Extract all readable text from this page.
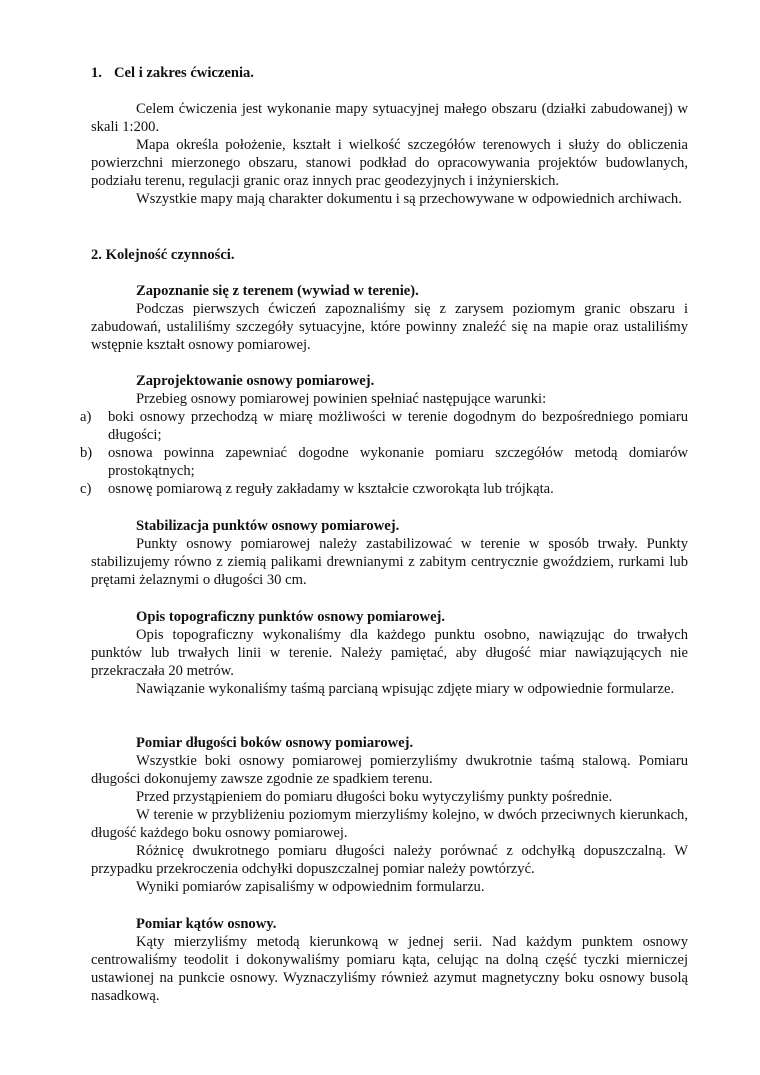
1. Cel i zakres ćwiczenia.

Celem ćwiczenia jest wykonanie mapy sytuacyjnej małego obszaru (działki zabudowanej) w skali 1:200.

Mapa określa położenie, kształt i wielkość szczegółów terenowych i służy do obliczenia powierzchni mierzonego obszaru, stanowi podkład do opracowywania projektów budowlanych, podziału terenu, regulacji granic oraz innych prac geodezyjnych i inżynierskich.

Wszystkie mapy mają charakter dokumentu i są przechowywane w odpowiednich archiwach.

2. Kolejność czynności.

Zapoznanie się z terenem (wywiad w terenie).

Podczas pierwszych ćwiczeń zapoznaliśmy się z zarysem poziomym granic obszaru i zabudowań, ustaliliśmy szczegóły sytuacyjne, które powinny znaleźć się na mapie oraz ustaliliśmy wstępnie kształt osnowy pomiarowej.

Zaprojektowanie osnowy pomiarowej.

Przebieg osnowy pomiarowej powinien spełniać następujące warunki:

a) boki osnowy przechodzą w miarę możliwości w terenie dogodnym do bezpośredniego pomiaru długości;
b) osnowa powinna zapewniać dogodne wykonanie pomiaru szczegółów metodą domiarów prostokątnych;
c) osnowę pomiarową z reguły zakładamy w kształcie czworokąta lub trójkąta.

Stabilizacja punktów osnowy pomiarowej.

Punkty osnowy pomiarowej należy zastabilizować w terenie w sposób trwały. Punkty stabilizujemy równo z ziemią palikami drewnianymi z zabitym centrycznie gwoździem, rurkami lub prętami żelaznymi o długości 30 cm.

Opis topograficzny punktów osnowy pomiarowej.

Opis topograficzny wykonaliśmy dla każdego punktu osobno, nawiązując do trwałych punktów lub trwałych linii w terenie. Należy pamiętać, aby długość miar nawiązujących nie przekraczała 20 metrów.

Nawiązanie wykonaliśmy taśmą parcianą wpisując zdjęte miary w odpowiednie formularze.

Pomiar długości boków osnowy pomiarowej.

Wszystkie boki osnowy pomiarowej pomierzyliśmy dwukrotnie taśmą stalową. Pomiaru długości dokonujemy zawsze zgodnie ze spadkiem terenu.

Przed przystąpieniem do pomiaru długości boku wytyczyliśmy punkty pośrednie.

W terenie w przybliżeniu poziomym mierzyliśmy kolejno, w dwóch przeciwnych kierunkach, długość każdego boku osnowy pomiarowej.

Różnicę dwukrotnego pomiaru długości należy porównać z odchyłką dopuszczalną. W przypadku przekroczenia odchyłki dopuszczalnej pomiar należy powtórzyć.

Wyniki pomiarów zapisaliśmy w odpowiednim formularzu.

Pomiar kątów osnowy.

Kąty mierzyliśmy metodą kierunkową w jednej serii. Nad każdym punktem osnowy centrowaliśmy teodolit i dokonywaliśmy pomiaru kąta, celując na dolną część tyczki mierniczej ustawionej na punkcie osnowy. Wyznaczyliśmy również azymut magnetyczny boku osnowy busolą nasadkową.
